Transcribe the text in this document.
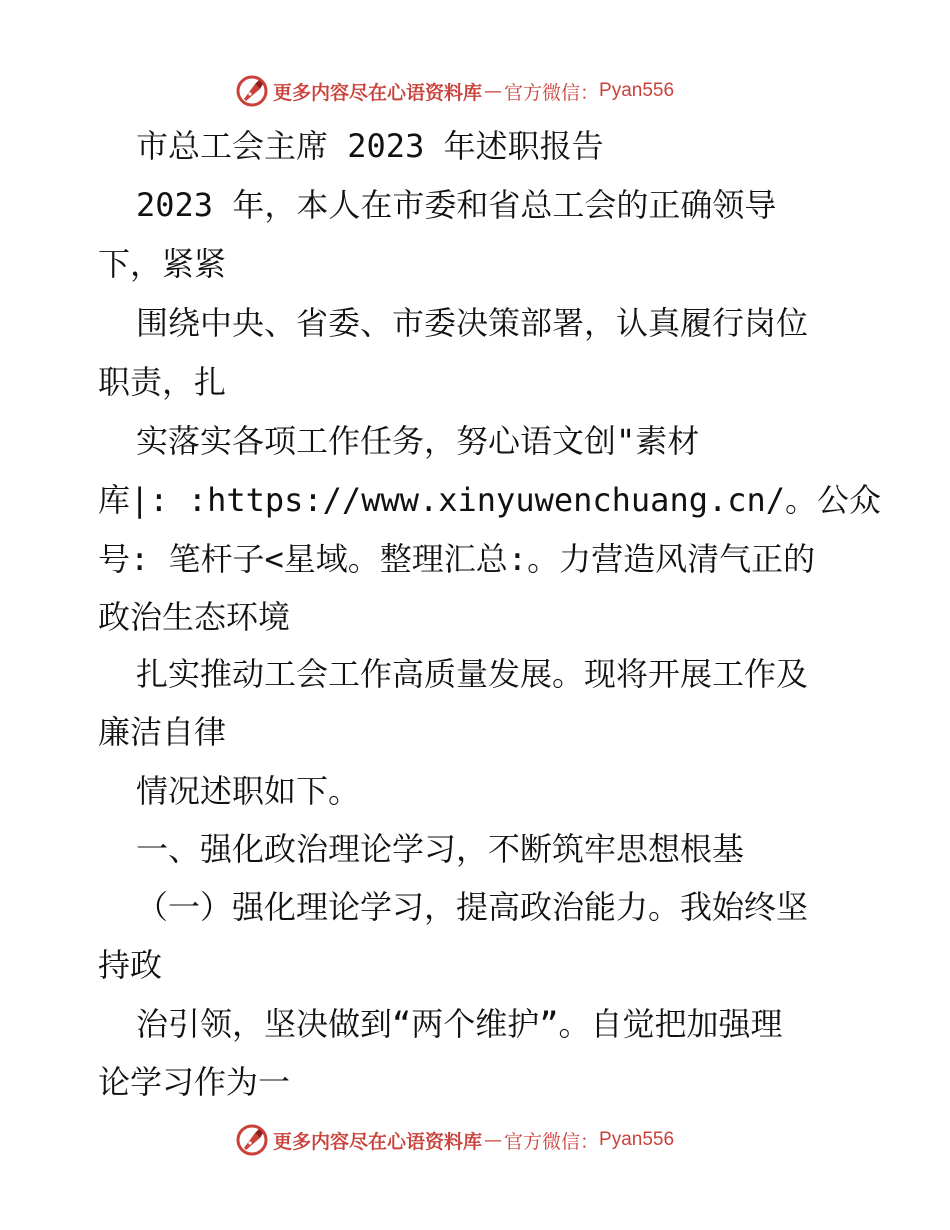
更多内容尽在心语资料库 — 官方微信： Pyan556
市总工会主席 2023 年述职报告
2023 年，本人在市委和省总工会的正确领导
下，紧紧
围绕中央、省委、市委决策部署，认真履行岗位
职责，扎
实落实各项工作任务，努心语文创"素材
库|: :https://www.xinyuwenchuang.cn/。公众
号: 笔杆子<星域。整理汇总:。力营造风清气正的
政治生态环境
扎实推动工会工作高质量发展。现将开展工作及
廉洁自律
情况述职如下。
一、强化政治理论学习，不断筑牢思想根基
（一）强化理论学习，提高政治能力。我始终坚
持政
治引领，坚决做到“两个维护”。自觉把加强理
论学习作为一
更多内容尽在心语资料库 — 官方微信： Pyan556
